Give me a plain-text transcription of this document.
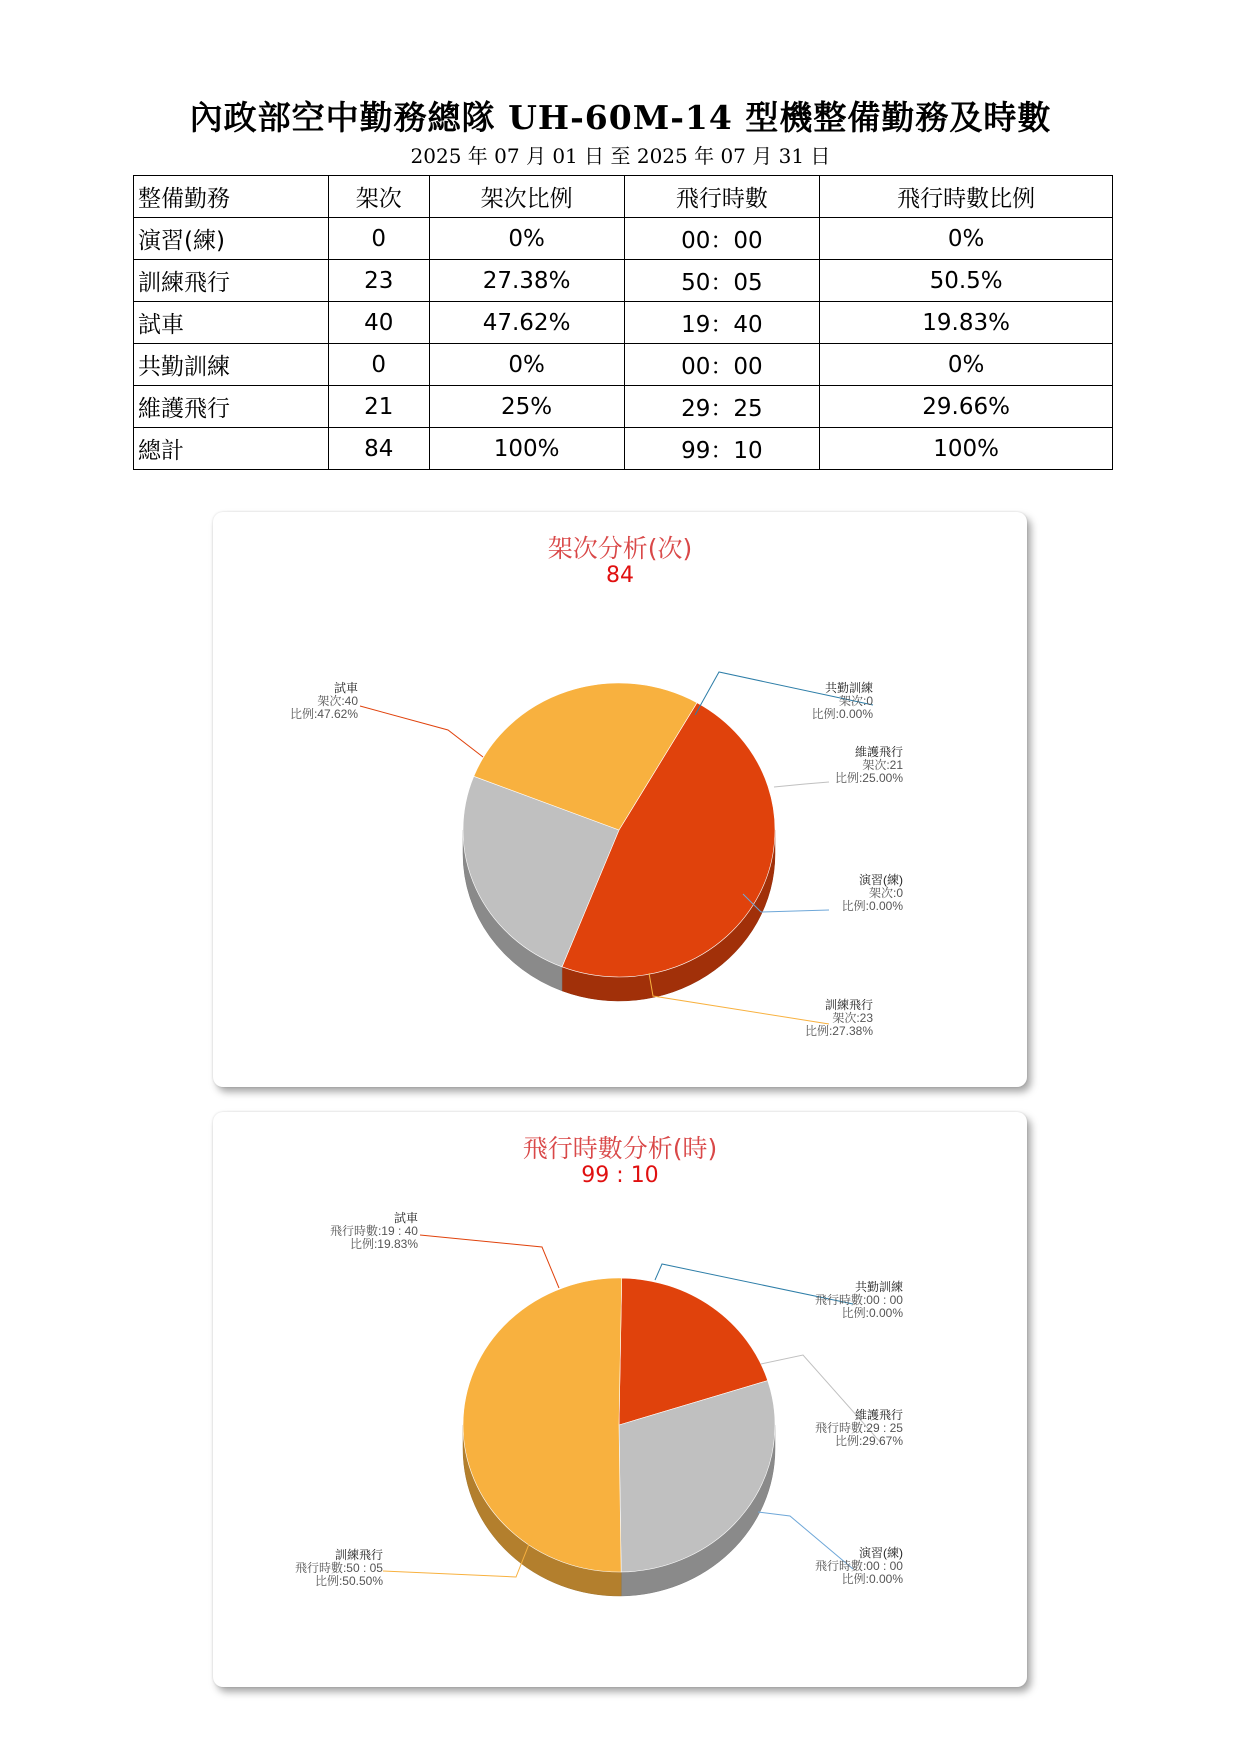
內政部空中勤務總隊 UH-60M-14 型機整備勤務及時數
2025 年 07 月 01 日 至 2025 年 07 月 31 日
整備勤務	架次	架次比例	飛行時數	飛行時數比例
演習(練)	0	0%	00：00	0%
訓練飛行	23	27.38%	50：05	50.5%
試車	40	47.62%	19：40	19.83%
共勤訓練	0	0%	00：00	0%
維護飛行	21	25%	29：25	29.66%
總計	84	100%	99：10	100%
架次分析(次)
84
試車
架次:40
比例:47.62%
維護飛行
架次:21
比例:25.00%
訓練飛行
架次:23
比例:27.38%
共勤訓練
架次:0
比例:0.00%
演習(練)
架次:0
比例:0.00%
飛行時數分析(時)
99 : 10
試車
飛行時數:19 : 40
比例:19.83%
維護飛行
飛行時數:29 : 25
比例:29.67%
訓練飛行
飛行時數:50 : 05
比例:50.50%
共勤訓練
飛行時數:00 : 00
比例:0.00%
演習(練)
飛行時數:00 : 00
比例:0.00%
